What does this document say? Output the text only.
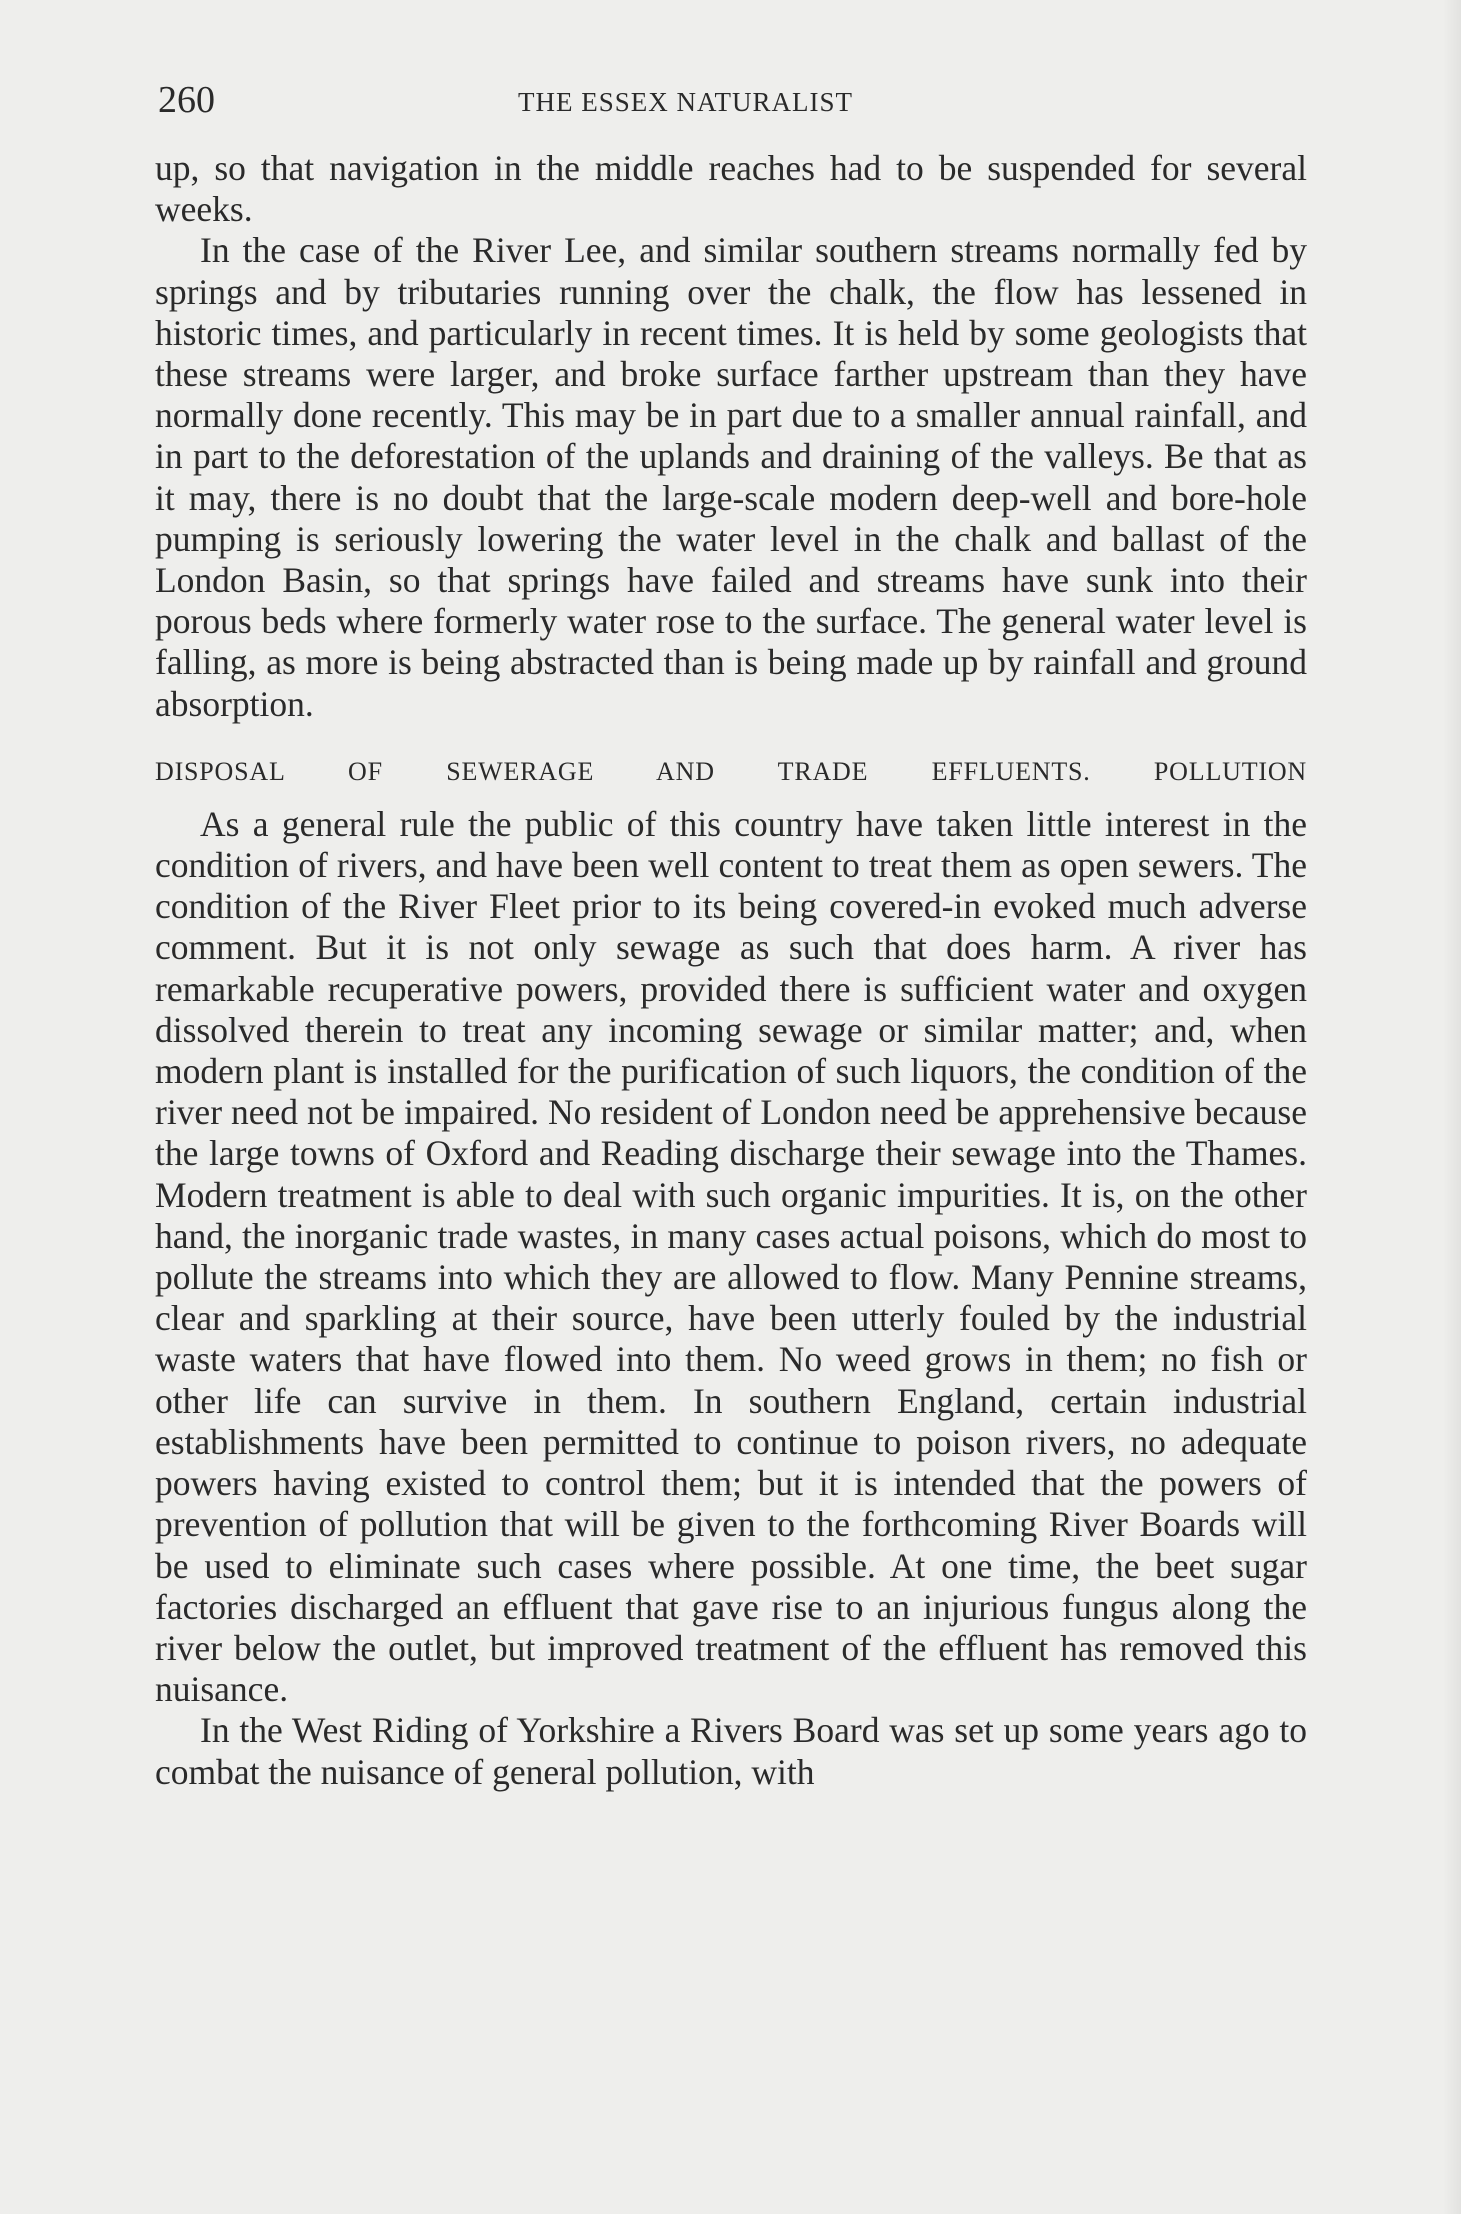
260	THE ESSEX NATURALIST

up, so that navigation in the middle reaches had to be suspended for several weeks.

In the case of the River Lee, and similar southern streams normally fed by springs and by tributaries running over the chalk, the flow has lessened in historic times, and particularly in recent times. It is held by some geologists that these streams were larger, and broke surface farther upstream than they have normally done recently. This may be in part due to a smaller annual rainfall, and in part to the deforestation of the uplands and draining of the valleys. Be that as it may, there is no doubt that the large-scale modern deep-well and bore-hole pumping is seriously lowering the water level in the chalk and ballast of the London Basin, so that springs have failed and streams have sunk into their porous beds where formerly water rose to the surface. The general water level is falling, as more is being abstracted than is being made up by rainfall and ground absorption.

DISPOSAL OF SEWERAGE AND TRADE EFFLUENTS. POLLUTION

As a general rule the public of this country have taken little interest in the condition of rivers, and have been well content to treat them as open sewers. The condition of the River Fleet prior to its being covered-in evoked much adverse comment. But it is not only sewage as such that does harm. A river has remarkable recuperative powers, provided there is sufficient water and oxygen dissolved therein to treat any incoming sewage or similar matter; and, when modern plant is installed for the purification of such liquors, the condition of the river need not be impaired. No resident of London need be apprehensive because the large towns of Oxford and Reading discharge their sewage into the Thames. Modern treatment is able to deal with such organic impurities. It is, on the other hand, the inorganic trade wastes, in many cases actual poisons, which do most to pollute the streams into which they are allowed to flow. Many Pennine streams, clear and sparkling at their source, have been utterly fouled by the industrial waste waters that have flowed into them. No weed grows in them; no fish or other life can survive in them. In southern England, certain industrial establishments have been permitted to continue to poison rivers, no adequate powers having existed to control them; but it is intended that the powers of prevention of pollution that will be given to the forthcoming River Boards will be used to eliminate such cases where possible. At one time, the beet sugar factories discharged an effluent that gave rise to an injurious fungus along the river below the outlet, but improved treatment of the effluent has removed this nuisance.

In the West Riding of Yorkshire a Rivers Board was set up some years ago to combat the nuisance of general pollution, with
